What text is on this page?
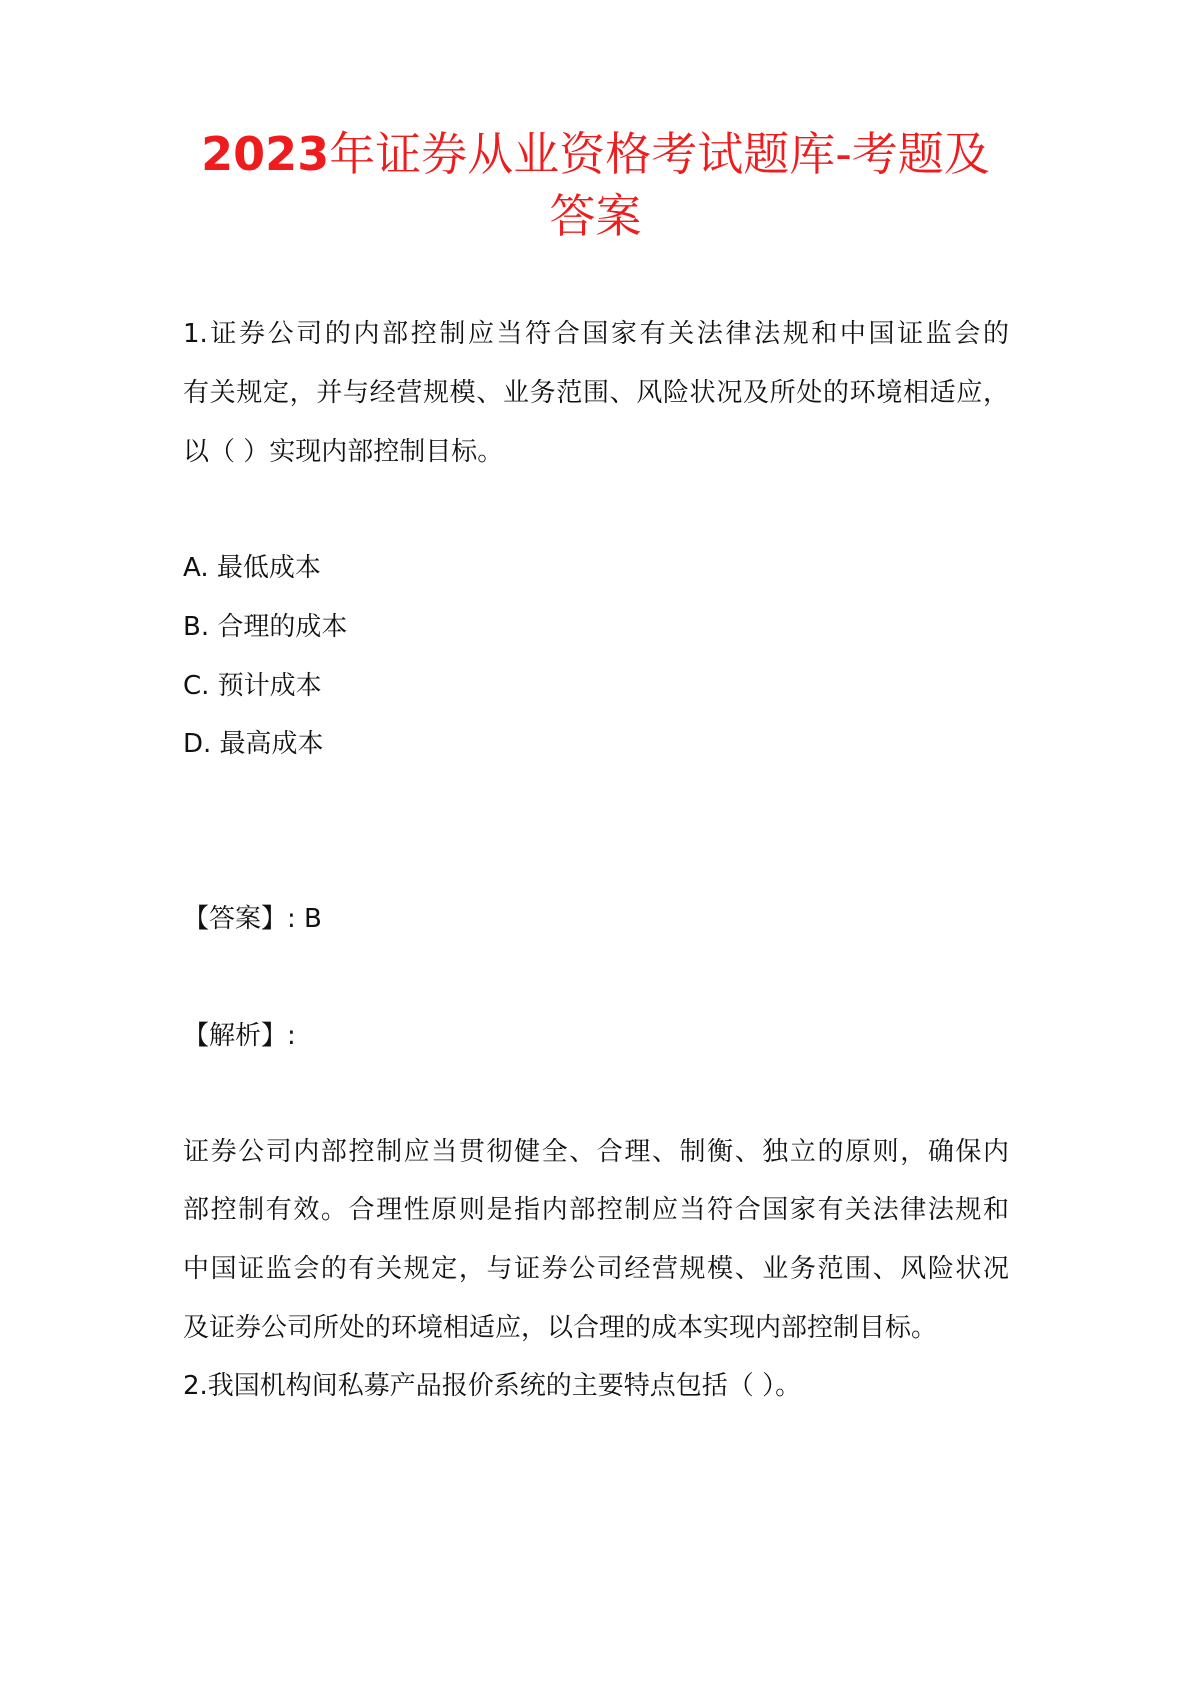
2023年证券从业资格考试题库-考题及
答案
1.证券公司的内部控制应当符合国家有关法律法规和中国证监会的
有关规定，并与经营规模、业务范围、风险状况及所处的环境相适应，
以（ ）实现内部控制目标。
A. 最低成本
B. 合理的成本
C. 预计成本
D. 最高成本
【答案】: B
【解析】:
证券公司内部控制应当贯彻健全、合理、制衡、独立的原则，确保内
部控制有效。合理性原则是指内部控制应当符合国家有关法律法规和
中国证监会的有关规定，与证券公司经营规模、业务范围、风险状况
及证券公司所处的环境相适应，以合理的成本实现内部控制目标。
2.我国机构间私募产品报价系统的主要特点包括（ ）。
